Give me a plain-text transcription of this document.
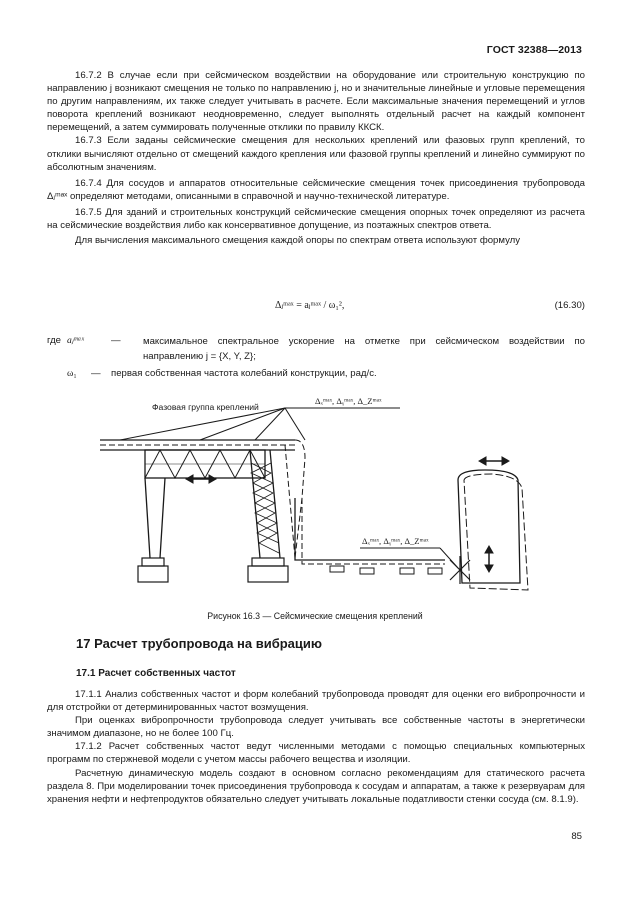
ГОСТ 32388—2013

16.7.2 В случае если при сейсмическом воздействии на оборудование или строительную конструкцию по направлению j возникают смещения не только по направлению j, но и значительные линейные и угловые перемещения по другим направлениям, их также следует учитывать в расчете. Если максимальные значения перемещений и углов поворота креплений возникают неодновременно, следует выполнять отдельный расчет на каждый компонент перемещений, а затем суммировать полученные отклики по правилу ККСК.

16.7.3 Если заданы сейсмические смещения для нескольких креплений или фазовых групп креплений, то отклики вычисляют отдельно от смещений каждого крепления или фазовой группы креплений и линейно суммируют по абсолютным значениям.

16.7.4 Для сосудов и аппаратов относительные сейсмические смещения точек присоединения трубопровода Δⱼᵐᵃˣ определяют методами, описанными в справочной и научно-технической литературе.

16.7.5 Для зданий и строительных конструкций сейсмические смещения опорных точек определяют из расчета на сейсмические воздействия либо как консервативное допущение, из поэтажных спектров ответа.

Для вычисления максимального смещения каждой опоры по спектрам ответа используют формулу

Δⱼᵐᵃˣ = aⱼᵐᵃˣ / ω₁²,	(16.30)
где aⱼᵐᵃˣ	— максимальное спектральное ускорение на отметке при сейсмическом воздействии по направлению j = {X, Y, Z};
ω₁ — первая собственная частота колебаний конструкции, рад/с.
Фазовая группа креплений
Δₓᵐᵃˣ, Δᵧᵐᵃˣ, Δ_Zᵐᵃˣ
Δₓᵐᵃˣ, Δᵧᵐᵃˣ, Δ_Zᵐᵃˣ
Рисунок 16.3 — Сейсмические смещения креплений
17 Расчет трубопровода на вибрацию
17.1 Расчет собственных частот

17.1.1 Анализ собственных частот и форм колебаний трубопровода проводят для оценки его вибропрочности и для отстройки от детерминированных частот возмущения.

При оценках вибропрочности трубопровода следует учитывать все собственные частоты в энергетически значимом диапазоне, но не более 100 Гц.

17.1.2 Расчет собственных частот ведут численными методами с помощью специальных компьютерных программ по стержневой модели с учетом массы рабочего вещества и изоляции.

Расчетную динамическую модель создают в основном согласно рекомендациям для статического расчета раздела 8. При моделировании точек присоединения трубопровода к сосудам и аппаратам, а также к резервуарам для хранения нефти и нефтепродуктов обязательно следует учитывать локальные податливости стенки сосуда (см. 8.1.9).

85
